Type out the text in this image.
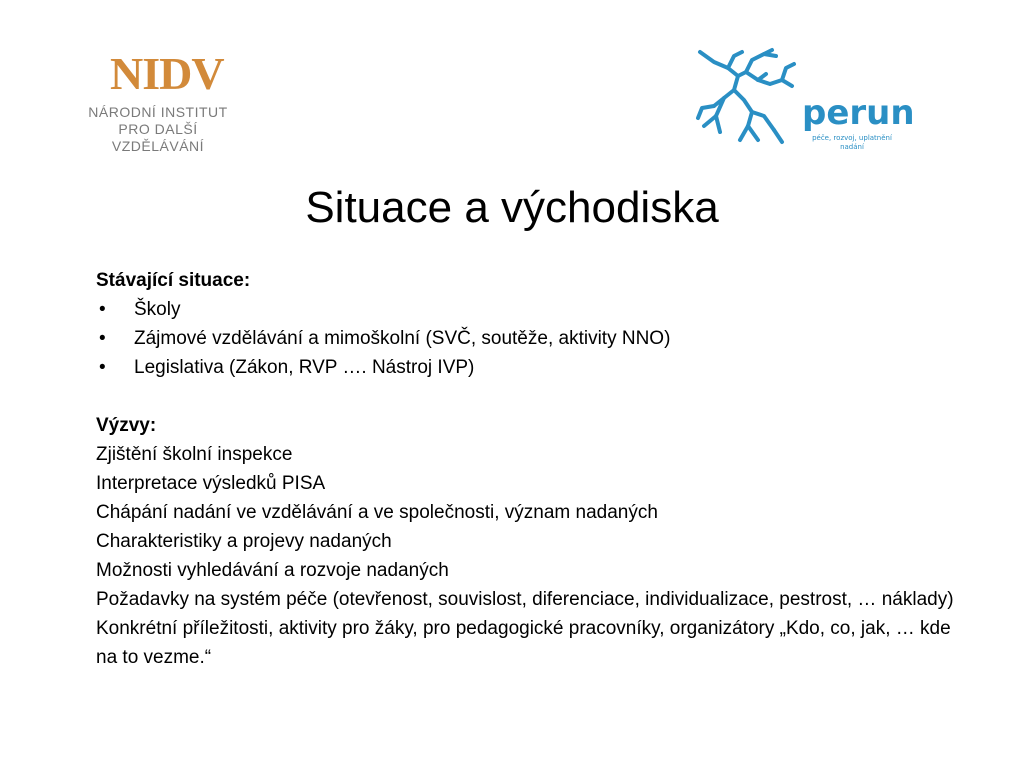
NIDV
NÁRODNÍ INSTITUT
PRO DALŠÍ
VZDĚLÁVÁNÍ
perun
péče, rozvoj, uplatnění nadání
Situace a východiska
Stávající situace:
• Školy
• Zájmové vzdělávání a mimoškolní (SVČ, soutěže, aktivity NNO)
• Legislativa (Zákon, RVP …. Nástroj IVP)
Výzvy:

Zjištění školní inspekce

Interpretace výsledků PISA

Chápání nadání ve vzdělávání a ve společnosti, význam nadaných

Charakteristiky a projevy nadaných

Možnosti vyhledávání a rozvoje nadaných

Požadavky na systém péče (otevřenost, souvislost, diferenciace, individualizace, pestrost, … náklady)

Konkrétní příležitosti, aktivity pro žáky, pro pedagogické pracovníky, organizátory „Kdo, co, jak, … kde na to vezme.“
